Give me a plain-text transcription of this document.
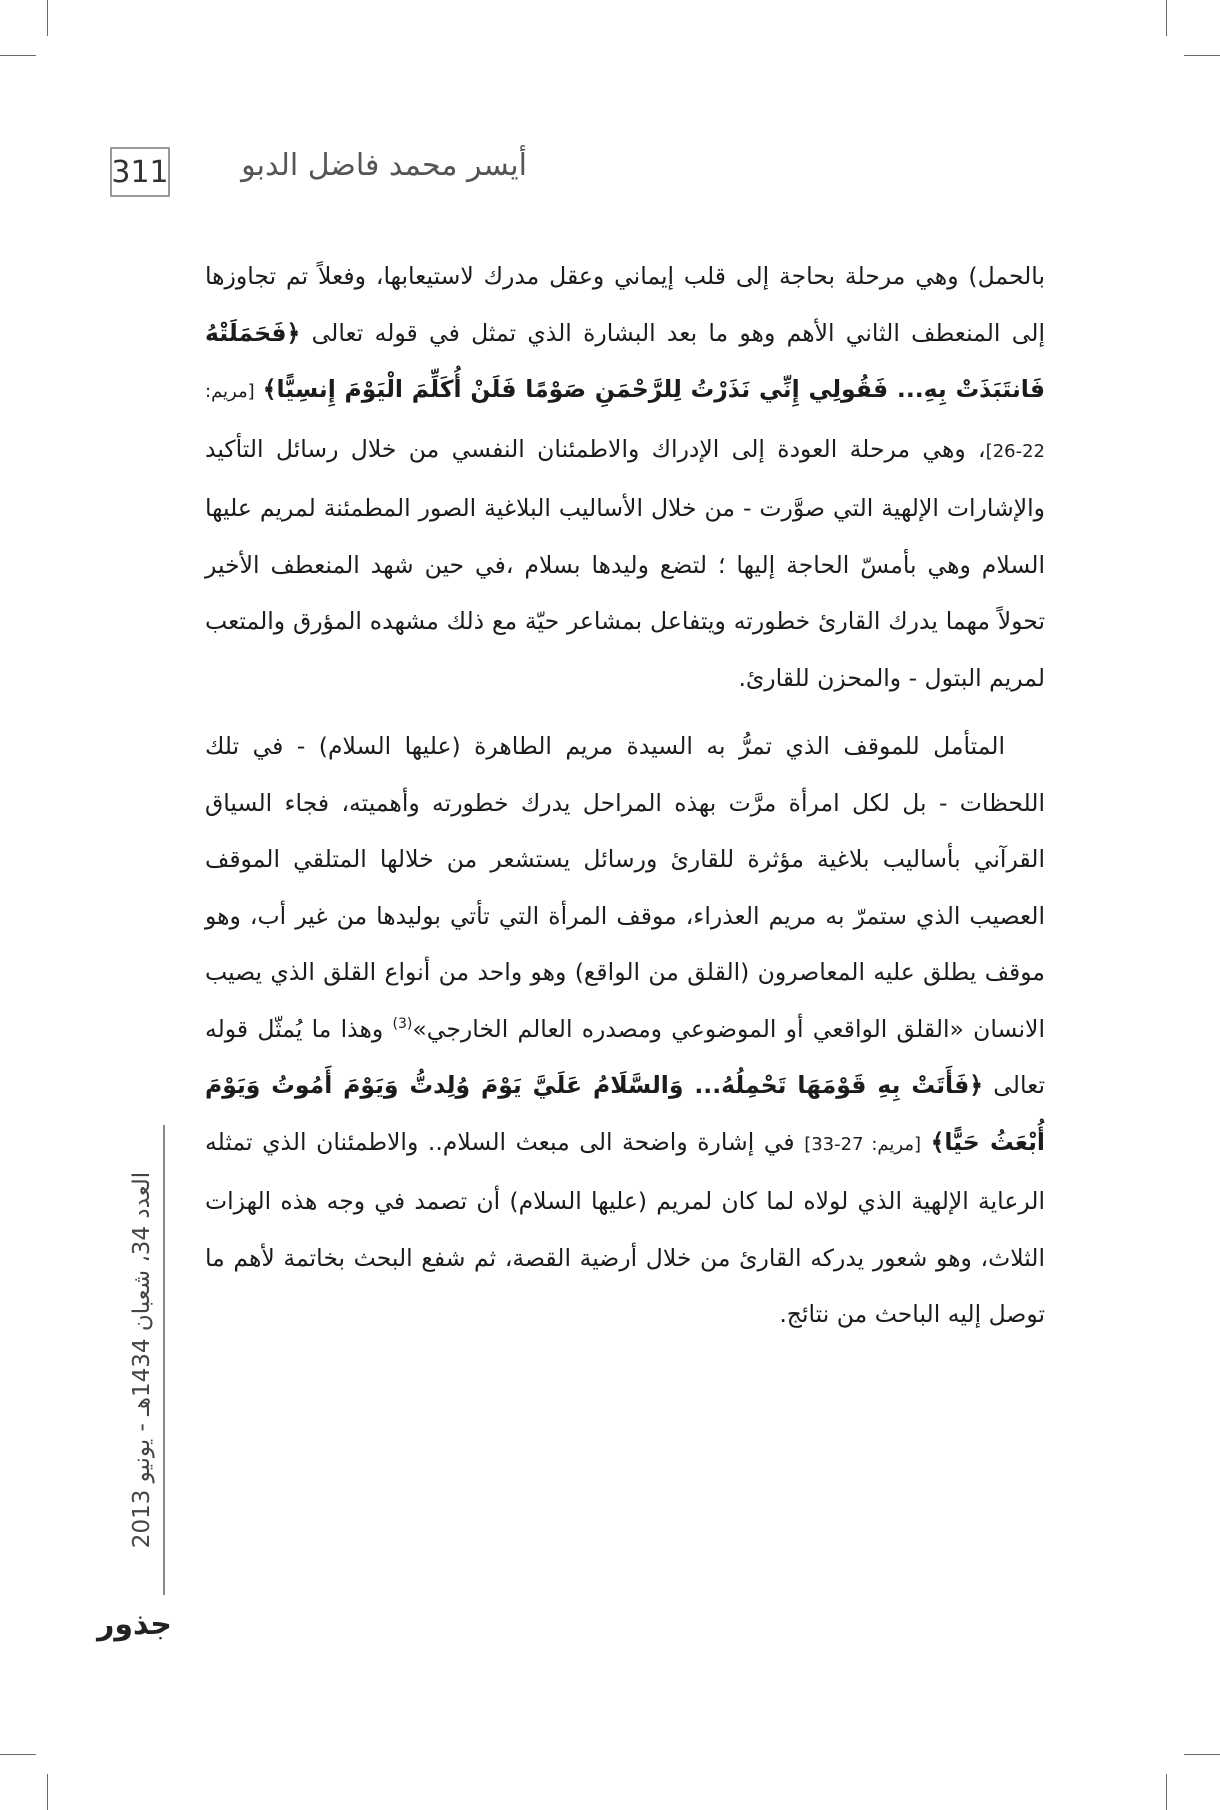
311	أيسر محمد فاضل الدبو

بالحمل) وهي مرحلة بحاجة إلى قلب إيماني وعقل مدرك لاستيعابها، وفعلاً تم تجاوزها إلى المنعطف الثاني الأهم وهو ما بعد البشارة الذي تمثل في قوله تعالى ﴿فَحَمَلَتْهُ فَانتَبَذَتْ بِهِ... فَقُولِي إِنِّي نَذَرْتُ لِلرَّحْمَنِ صَوْمًا فَلَنْ أُكَلِّمَ الْيَوْمَ إِنسِيًّا﴾ [مريم: 22-26]، وهي مرحلة العودة إلى الإدراك والاطمئنان النفسي من خلال رسائل التأكيد والإشارات الإلهية التي صوَّرت - من خلال الأساليب البلاغية الصور المطمئنة لمريم عليها السلام وهي بأمسّ الحاجة إليها ؛ لتضع وليدها بسلام ،في حين شهد المنعطف الأخير تحولاً مهما يدرك القارئ خطورته ويتفاعل بمشاعر حيّة مع ذلك مشهده المؤرق والمتعب لمريم البتول - والمحزن للقارئ.

المتأمل للموقف الذي تمرُّ به السيدة مريم الطاهرة (عليها السلام) - في تلك اللحظات - بل لكل امرأة مرَّت بهذه المراحل يدرك خطورته وأهميته، فجاء السياق القرآني بأساليب بلاغية مؤثرة للقارئ ورسائل يستشعر من خلالها المتلقي الموقف العصيب الذي ستمرّ به مريم العذراء، موقف المرأة التي تأتي بوليدها من غير أب، وهو موقف يطلق عليه المعاصرون (القلق من الواقع) وهو واحد من أنواع القلق الذي يصيب الانسان «القلق الواقعي أو الموضوعي ومصدره العالم الخارجي»$^{(3)}$ وهذا ما يُمثّل قوله تعالى ﴿فَأَتَتْ بِهِ قَوْمَهَا تَحْمِلُهُ... وَالسَّلَامُ عَلَيَّ يَوْمَ وُلِدتُّ وَيَوْمَ أَمُوتُ وَيَوْمَ أُبْعَثُ حَيًّا﴾ [مريم: 27-33] في إشارة واضحة الى مبعث السلام.. والاطمئنان الذي تمثله الرعاية الإلهية الذي لولاه لما كان لمريم (عليها السلام) أن تصمد في وجه هذه الهزات الثلاث، وهو شعور يدركه القارئ من خلال أرضية القصة، ثم شفع البحث بخاتمة لأهم ما توصل إليه الباحث من نتائج.

العدد 34، شعبان 1434هـ - يونيو 2013
جذور
